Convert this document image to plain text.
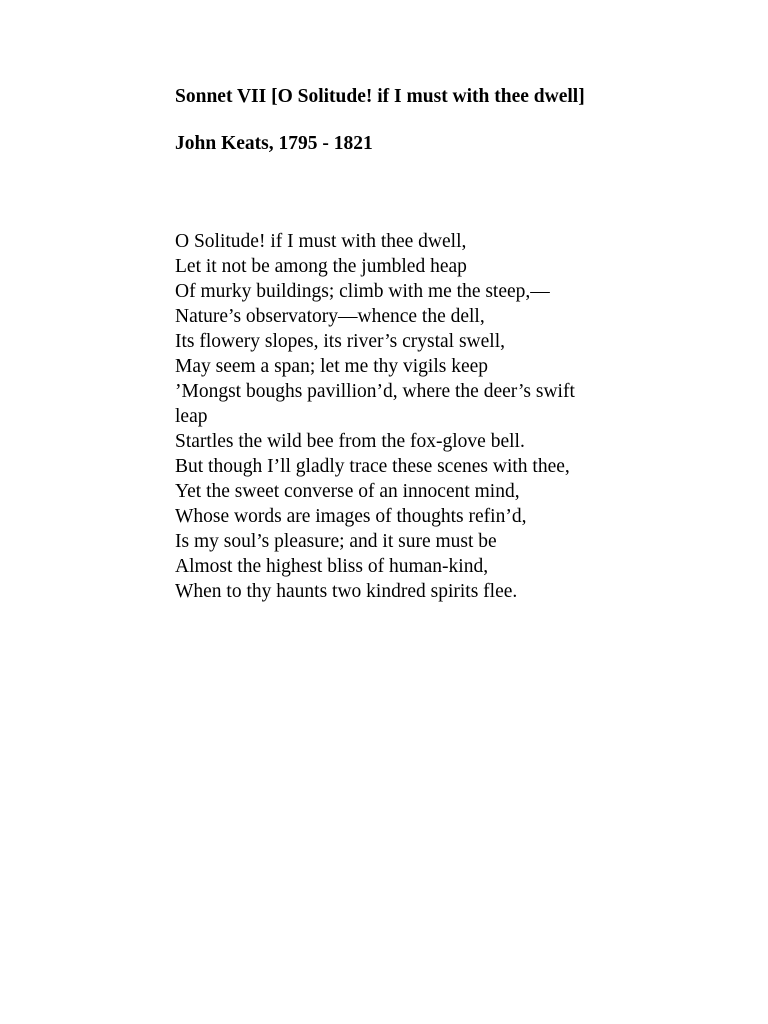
Sonnet VII [O Solitude! if I must with thee dwell]

John Keats, 1795 - 1821

O Solitude! if I must with thee dwell,
Let it not be among the jumbled heap
Of murky buildings; climb with me the steep,—
Nature’s observatory—whence the dell,
Its flowery slopes, its river’s crystal swell,
May seem a span; let me thy vigils keep
’Mongst boughs pavillion’d, where the deer’s swift
leap
Startles the wild bee from the fox-glove bell.
But though I’ll gladly trace these scenes with thee,
Yet the sweet converse of an innocent mind,
Whose words are images of thoughts refin’d,
Is my soul’s pleasure; and it sure must be
Almost the highest bliss of human-kind,
When to thy haunts two kindred spirits flee.
